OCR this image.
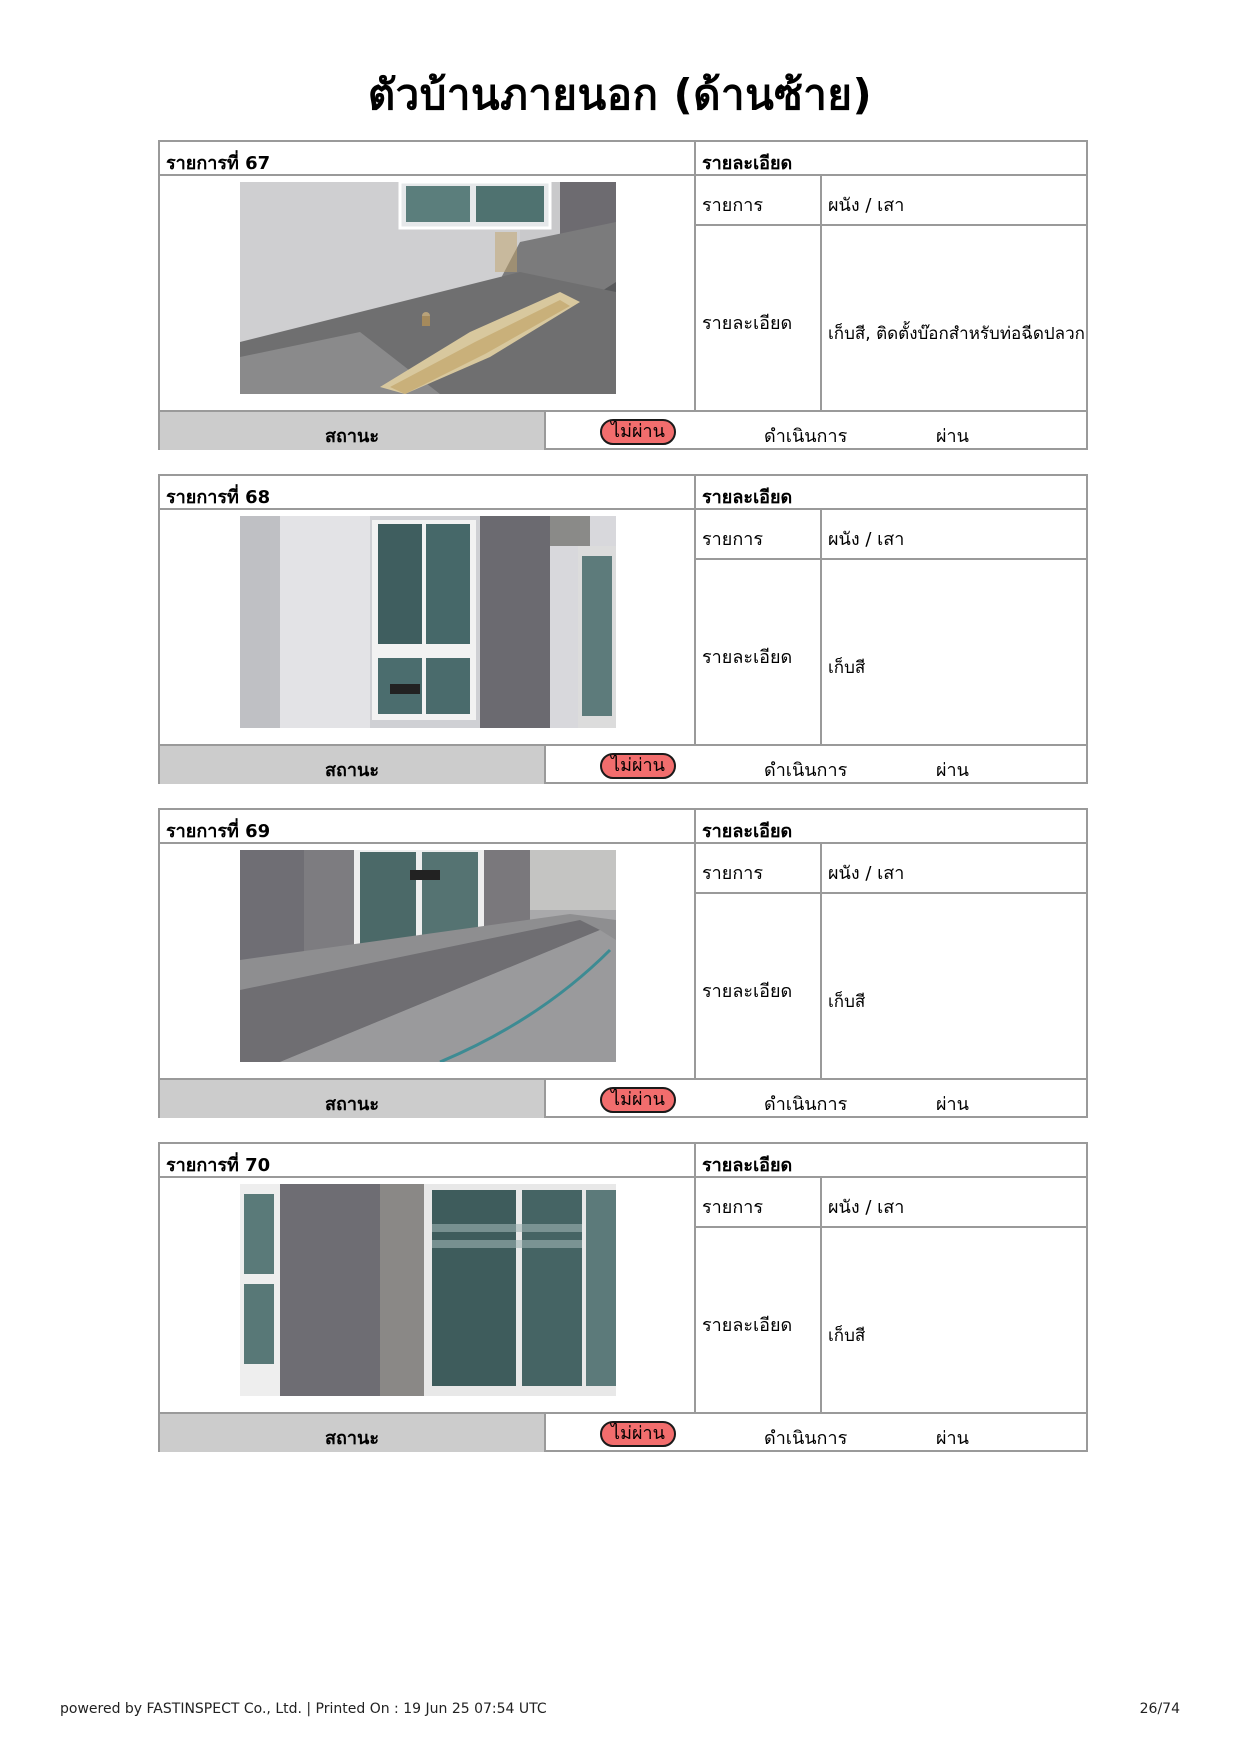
ตัวบ้านภายนอก (ด้านซ้าย)
รายการที่ 67	รายละเอียด
รายการ	ผนัง / เสา
รายละเอียด	เก็บสี, ติดตั้งบ๊อกสำหรับท่อฉีดปลวก
สถานะ	ไม่ผ่าน	ดำเนินการ	ผ่าน
รายการที่ 68	รายละเอียด
รายการ	ผนัง / เสา
รายละเอียด	เก็บสี
สถานะ	ไม่ผ่าน	ดำเนินการ	ผ่าน
รายการที่ 69	รายละเอียด
รายการ	ผนัง / เสา
รายละเอียด	เก็บสี
สถานะ	ไม่ผ่าน	ดำเนินการ	ผ่าน
รายการที่ 70	รายละเอียด
รายการ	ผนัง / เสา
รายละเอียด	เก็บสี
สถานะ	ไม่ผ่าน	ดำเนินการ	ผ่าน
powered by FASTINSPECT Co., Ltd. | Printed On : 19 Jun 25 07:54 UTC	26/74
